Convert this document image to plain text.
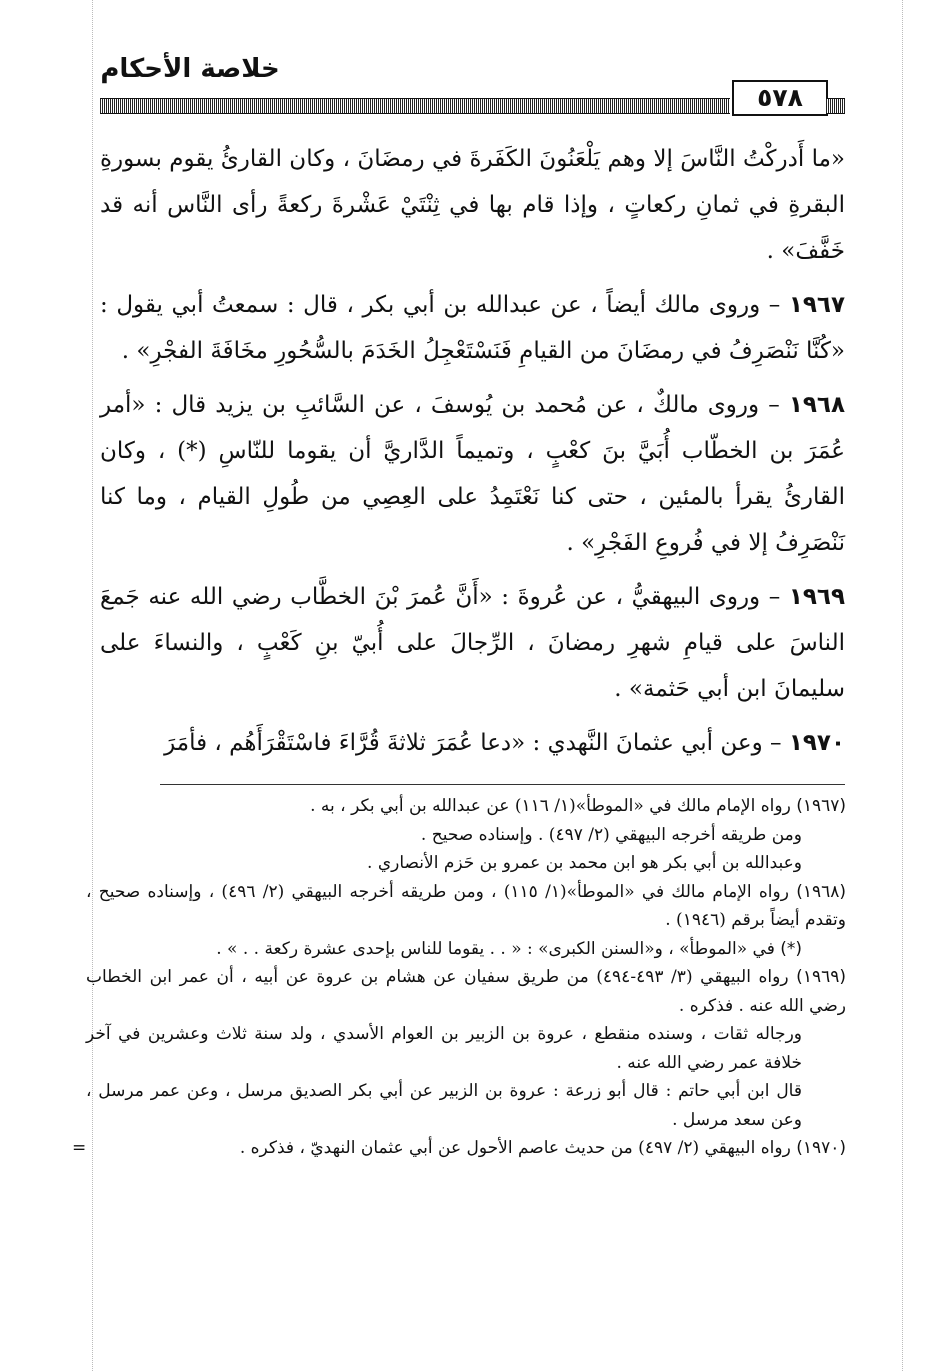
خلاصة الأحكام
٥٧٨

«ما أَدركْتُ النَّاسَ إلا وهم يَلْعَنُونَ الكَفَرةَ في رمضَانَ ، وكان القارئُ يقوم بسورةِ البقرةِ في ثمانِ ركعاتٍ ، وإذا قام بها في ثِنْتَيْ عَشْرةَ ركعةً رأى النَّاس أنه قد خَفَّفَ» .

١٩٦٧ – وروى مالك أيضاً ، عن عبدالله بن أبي بكر ، قال : سمعتُ أبي يقول : «كُنَّا نَنْصَرِفُ في رمضَانَ من القيامِ فَنَسْتَعْجِلُ الخَدَمَ بالسُّحُورِ مخَافَةَ الفجْرِ» .

١٩٦٨ – وروى مالكٌ ، عن مُحمد بن يُوسفَ ، عن السَّائبِ بن يزيد قال : «أمر عُمَرَ بن الخطّاب أُبَيَّ بنَ كعْبٍ ، وتميماً الدَّاريَّ أن يقوما للنّاسِ (*) ، وكان القارئُ يقرأ بالمئين ، حتى كنا نَعْتَمِدُ على العِصِي من طُولِ القيام ، وما كنا نَنْصَرِفُ إلا في فُروعِ الفَجْرِ» .

١٩٦٩ – وروى البيهقيُّ ، عن عُروةَ : «أَنَّ عُمرَ بْنَ الخطَّاب رضي الله عنه جَمعَ الناسَ على قيامِ شهرِ رمضانَ ، الرِّجالَ على أُبيّ بنِ كَعْبٍ ، والنساءَ على سليمانَ ابن أبي حَثمة» .

١٩٧٠ – وعن أبي عثمانَ النَّهدي : «دعا عُمَرَ ثلاثةَ قُرَّاءَ فاسْتَقْرَأَهُم ، فأمَرَ

(١٩٦٧) رواه الإمام مالك في «الموطأ»(١/ ١١٦) عن عبدالله بن أبي بكر ، به .

ومن طريقه أخرجه البيهقي (٢/ ٤٩٧) . وإسناده صحيح .

وعبدالله بن أبي بكر هو ابن محمد بن عمرو بن حَزم الأنصاري .

(١٩٦٨) رواه الإمام مالك في «الموطأ»(١/ ١١٥) ، ومن طريقه أخرجه البيهقي (٢/ ٤٩٦) ، وإسناده صحيح ، وتقدم أيضاً برقم (١٩٤٦) .

(*) في «الموطأ» ، و«السنن الكبرى» : « . . يقوما للناس بإحدى عشرة ركعة . . » .

(١٩٦٩) رواه البيهقي (٣/ ٤٩٣-٤٩٤) من طريق سفيان عن هشام بن عروة عن أبيه ، أن عمر ابن الخطاب رضي الله عنه . فذكره .

ورجاله ثقات ، وسنده منقطع ، عروة بن الزبير بن العوام الأسدي ، ولد سنة ثلاث وعشرين في آخر خلافة عمر رضي الله عنه .

قال ابن أبي حاتم : قال أبو زرعة : عروة بن الزبير عن أبي بكر الصديق مرسل ، وعن عمر مرسل ، وعن سعد مرسل .

(١٩٧٠) رواه البيهقي (٢/ ٤٩٧) من حديث عاصم الأحول عن أبي عثمان النهديّ ، فذكره .
=
